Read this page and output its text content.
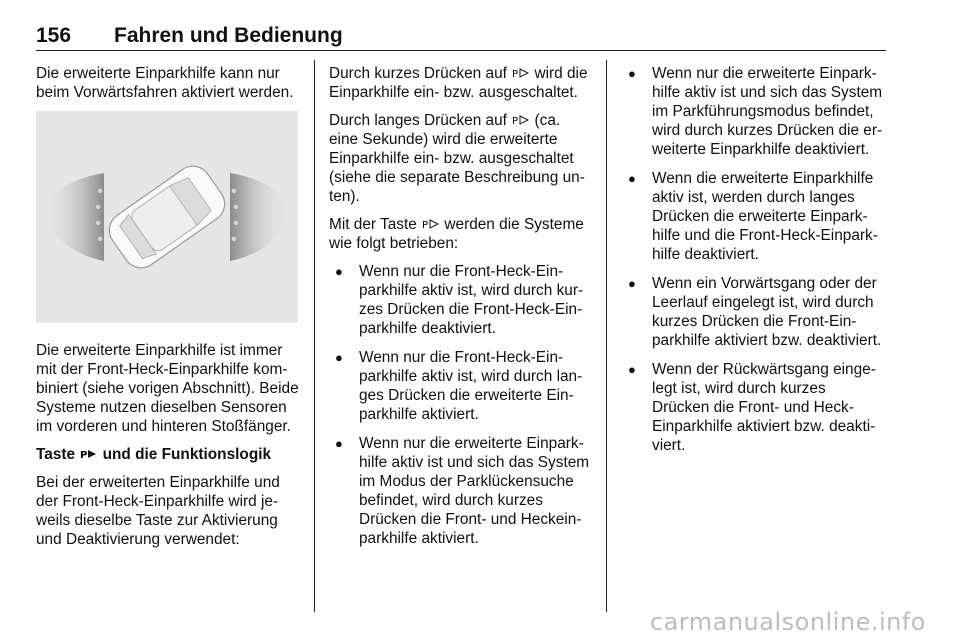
156	Fahren und Bedienung

Die erweiterte Einparkhilfe kann nur beim Vorwärtsfahren aktiviert werden.

Die erweiterte Einparkhilfe ist immer mit der Front-Heck-Einparkhilfe kombiniert (siehe vorigen Abschnitt). Beide Systeme nutzen dieselben Sensoren im vorderen und hinteren Stoßfänger.

Taste P und die Funktionslogik

Bei der erweiterten Einparkhilfe und der Front-Heck-Einparkhilfe wird jeweils dieselbe Taste zur Aktivierung und Deaktivierung verwendet:

Durch kurzes Drücken auf P wird die Einparkhilfe ein- bzw. ausgeschaltet.

Durch langes Drücken auf P (ca. eine Sekunde) wird die erweiterte Einparkhilfe ein- bzw. ausgeschaltet (siehe die separate Beschreibung unten).

Mit der Taste P werden die Systeme wie folgt betrieben:

● Wenn nur die Front-Heck-Einparkhilfe aktiv ist, wird durch kurzes Drücken die Front-Heck-Einparkhilfe deaktiviert.
● Wenn nur die Front-Heck-Einparkhilfe aktiv ist, wird durch langes Drücken die erweiterte Einparkhilfe aktiviert.
● Wenn nur die erweiterte Einparkhilfe aktiv ist und sich das System im Modus der Parklückensuche befindet, wird durch kurzes Drücken die Front- und Heckeinparkhilfe aktiviert.
● Wenn nur die erweiterte Einparkhilfe aktiv ist und sich das System im Parkführungsmodus befindet, wird durch kurzes Drücken die erweiterte Einparkhilfe deaktiviert.
● Wenn die erweiterte Einparkhilfe aktiv ist, werden durch langes Drücken die erweiterte Einparkhilfe und die Front-Heck-Einparkhilfe deaktiviert.
● Wenn ein Vorwärtsgang oder der Leerlauf eingelegt ist, wird durch kurzes Drücken die Front-Einparkhilfe aktiviert bzw. deaktiviert.
● Wenn der Rückwärtsgang eingelegt ist, wird durch kurzes Drücken die Front- und Heck-Einparkhilfe aktiviert bzw. deaktiviert.
carmanualsonline.info
